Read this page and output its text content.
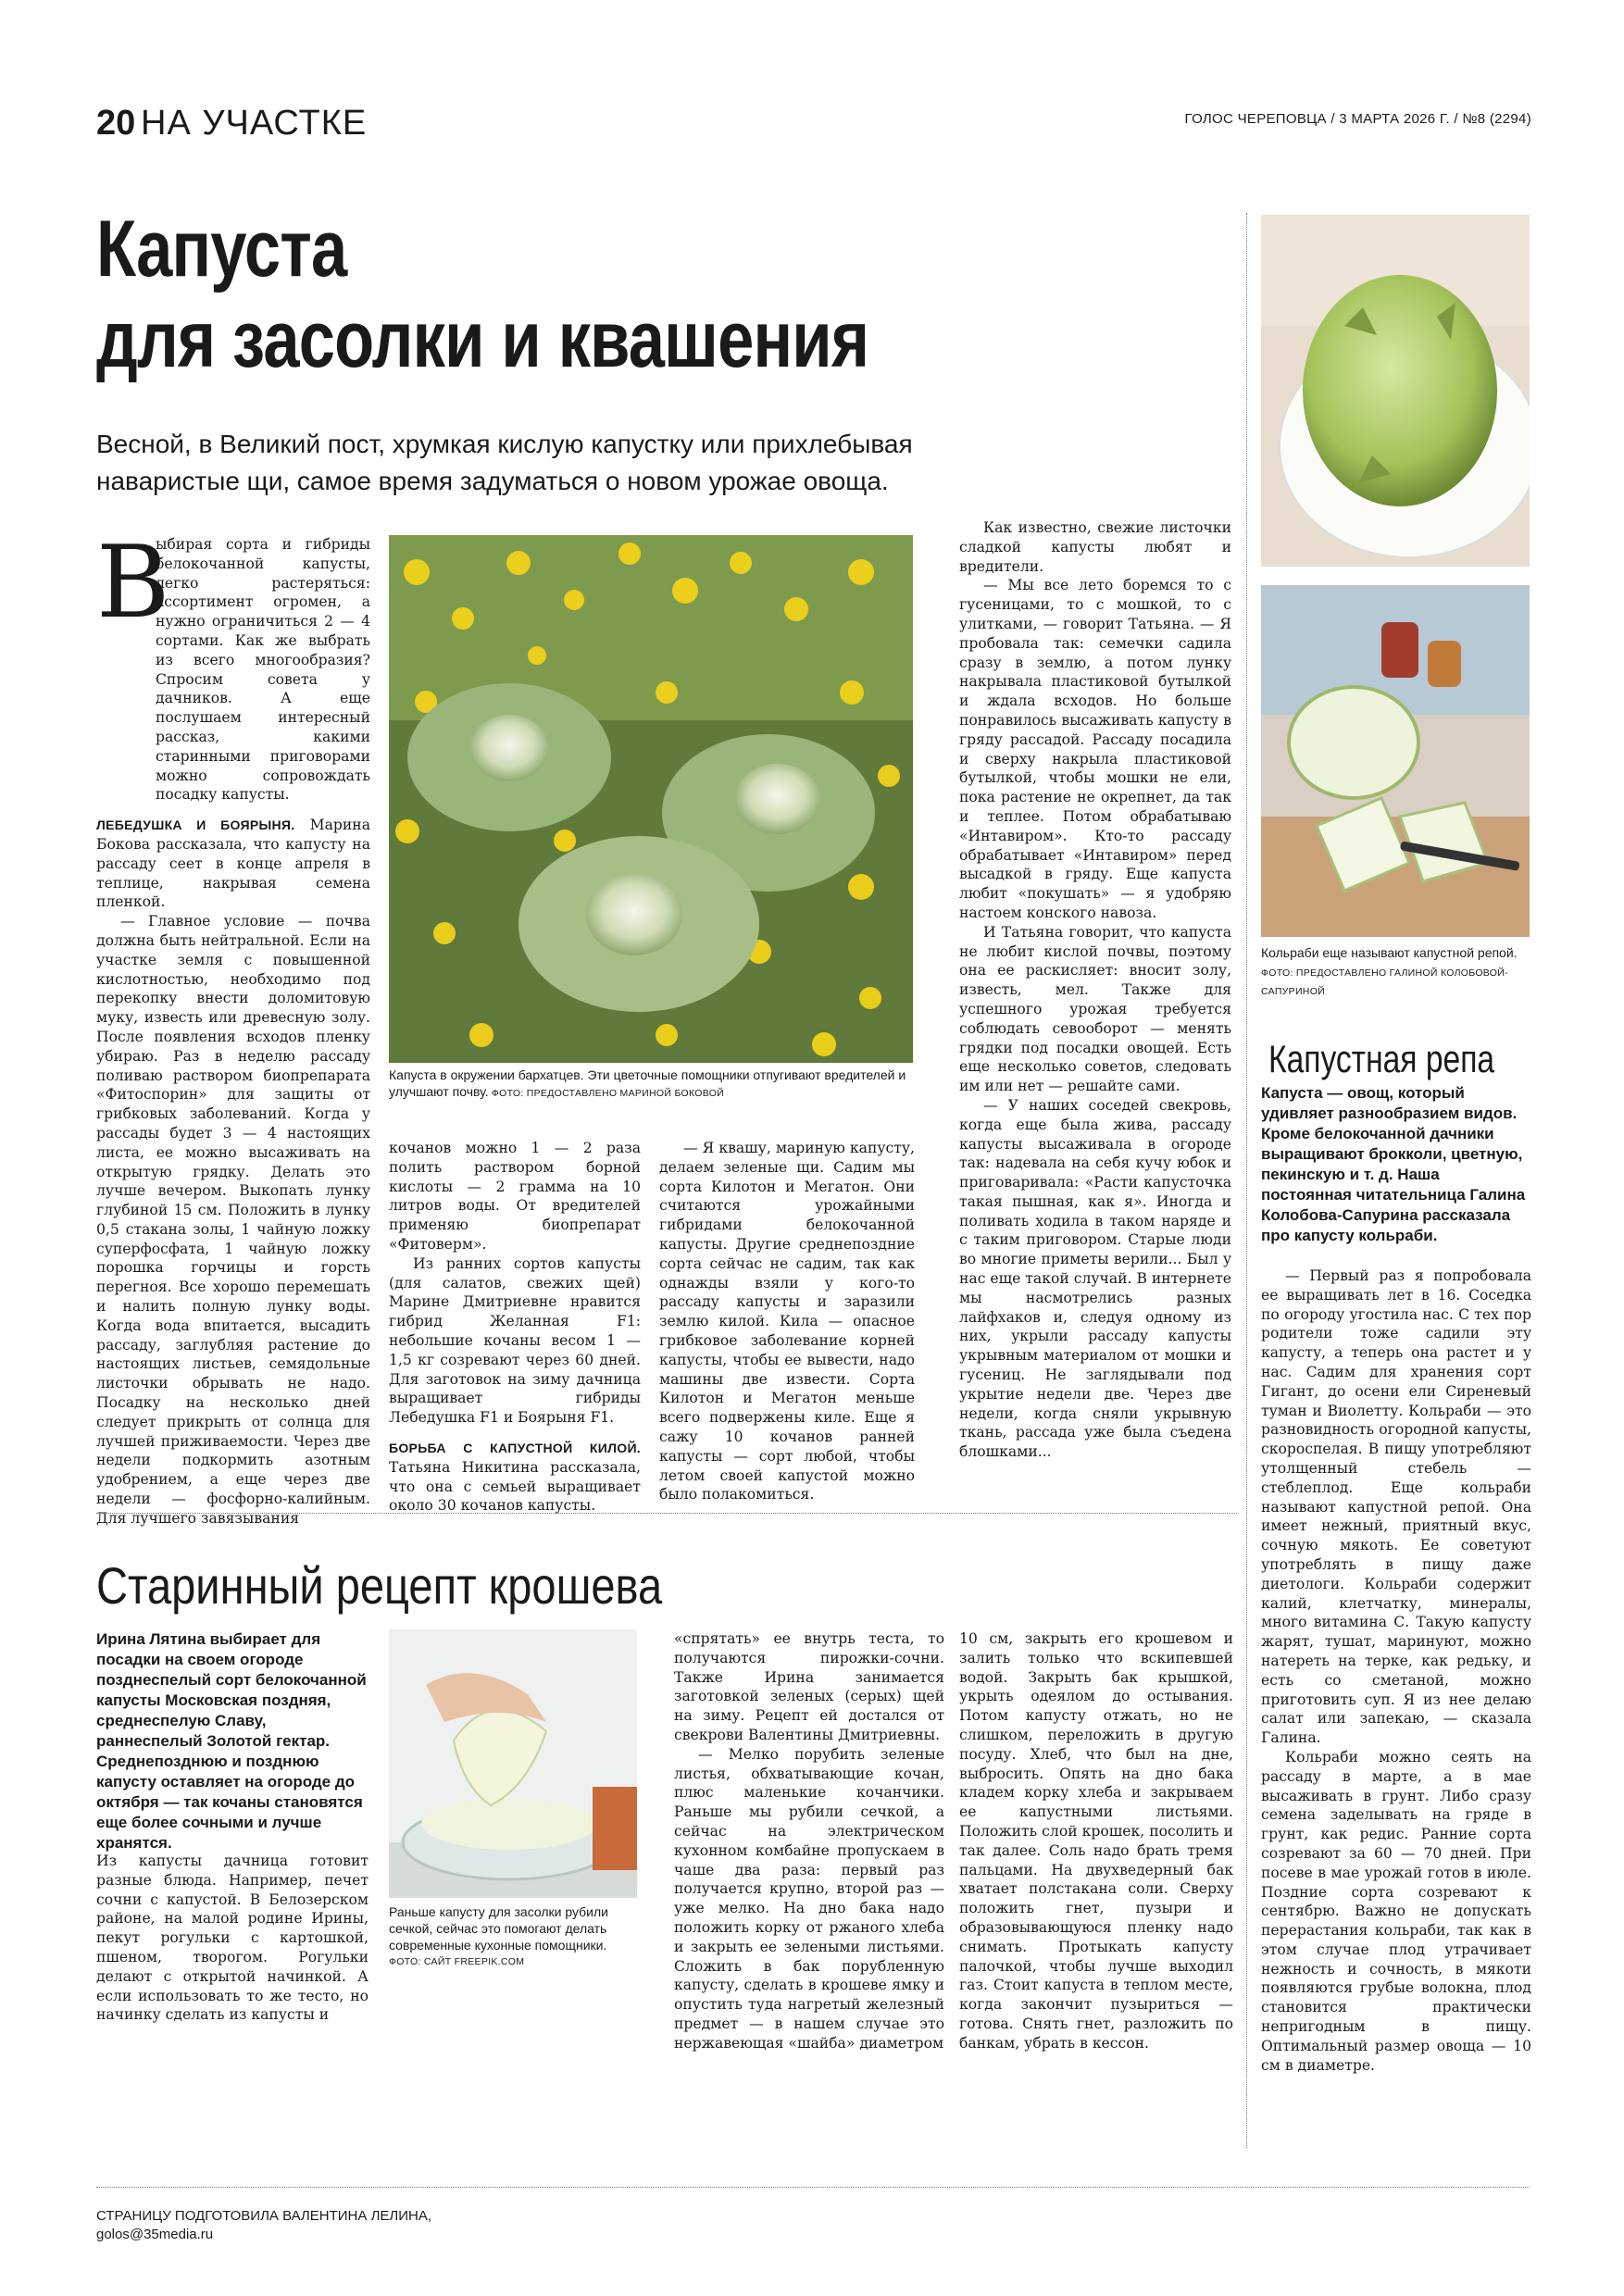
20 НА УЧАСТКЕ	ГОЛОС ЧЕРЕПОВЦА / 3 МАРТА 2026 Г. / №8 (2294)
Капуста
для засолки и квашения
Весной, в Великий пост, хрумкая кислую капустку или прихлебывая
наваристые щи, самое время задуматься о новом урожае овоща.
В

ыбирая сорта и гибриды белокочанной капусты, легко растеряться: ассортимент огромен, а нужно ограничиться 2 — 4 сортами. Как же выбрать из всего многообразия? Спросим совета у дачников. А еще послушаем интересный рассказ, какими старинными приговорами можно сопровождать посадку капусты.

ЛЕБЕДУШКА И БОЯРЫНЯ. Марина Бокова рассказала, что капусту на рассаду сеет в конце апреля в теплице, накрывая семена пленкой.

— Главное условие — почва должна быть нейтральной. Если на участке земля с повышенной кислотностью, необходимо под перекопку внести доломитовую муку, известь или древесную золу. После появления всходов пленку убираю. Раз в неделю рассаду поливаю раствором биопрепарата «Фитоспорин» для защиты от грибковых заболеваний. Когда у рассады будет 3 — 4 настоящих листа, ее можно высаживать на открытую грядку. Делать это лучше вечером. Выкопать лунку глубиной 15 см. Положить в лунку 0,5 стакана золы, 1 чайную ложку суперфосфата, 1 чайную ложку порошка горчицы и горсть перегноя. Все хорошо перемешать и налить полную лунку воды. Когда вода впитается, высадить рассаду, заглубляя растение до настоящих листьев, семядольные листочки обрывать не надо. Посадку на несколько дней следует прикрыть от солнца для лучшей приживаемости. Через две недели подкормить азотным удобрением, а еще через две недели — фосфорно-калийным. Для лучшего завязывания

Капуста в окружении бархатцев. Эти цветочные помощники отпугивают вредителей и улучшают почву. ФОТО: ПРЕДОСТАВЛЕНО МАРИНОЙ БОКОВОЙ

кочанов можно 1 — 2 раза полить раствором борной кислоты — 2 грамма на 10 литров воды. От вредителей применяю биопрепарат «Фитоверм».

Из ранних сортов капусты (для салатов, свежих щей) Марине Дмитриевне нравится гибрид Желанная F1: небольшие кочаны весом 1 — 1,5 кг созревают через 60 дней. Для заготовок на зиму дачница выращивает гибриды Лебедушка F1 и Боярыня F1.

БОРЬБА С КАПУСТНОЙ КИЛОЙ. Татьяна Никитина рассказала, что она с семьей выращивает около 30 кочанов капусты.

— Я квашу, мариную капусту, делаем зеленые щи. Садим мы сорта Килотон и Мегатон. Они считаются урожайными гибридами белокочанной капусты. Другие среднепоздние сорта сейчас не садим, так как однажды взяли у кого-то рассаду капусты и заразили землю килой. Кила — опасное грибковое заболевание корней капусты, чтобы ее вывести, надо машины две извести. Сорта Килотон и Мегатон меньше всего подвержены киле. Еще я сажу 10 кочанов ранней капусты — сорт любой, чтобы летом своей капустой можно было полакомиться.

Как известно, свежие листочки сладкой капусты любят и вредители.

— Мы все лето боремся то с гусеницами, то с мошкой, то с улитками, — говорит Татьяна. — Я пробовала так: семечки садила сразу в землю, а потом лунку накрывала пластиковой бутылкой и ждала всходов. Но больше понравилось высаживать капусту в гряду рассадой. Рассаду посадила и сверху накрыла пластиковой бутылкой, чтобы мошки не ели, пока растение не окрепнет, да так и теплее. Потом обрабатываю «Интавиром». Кто-то рассаду обрабатывает «Интавиром» перед высадкой в гряду. Еще капуста любит «покушать» — я удобряю настоем конского навоза.

И Татьяна говорит, что капуста не любит кислой почвы, поэтому она ее раскисляет: вносит золу, известь, мел. Также для успешного урожая требуется соблюдать севооборот — менять грядки под посадки овощей. Есть еще несколько советов, следовать им или нет — решайте сами.

— У наших соседей свекровь, когда еще была жива, рассаду капусты высаживала в огороде так: надевала на себя кучу юбок и приговаривала: «Расти капусточка такая пышная, как я». Иногда и поливать ходила в таком наряде и с таким приговором. Старые люди во многие приметы верили... Был у нас еще такой случай. В интернете мы насмотрелись разных лайфхаков и, следуя одному из них, укрыли рассаду капусты укрывным материалом от мошки и гусениц. Не заглядывали под укрытие недели две. Через две недели, когда сняли укрывную ткань, рассада уже была съедена блошками...

Кольраби еще называют капустной репой. ФОТО: ПРЕДОСТАВЛЕНО ГАЛИНОЙ КОЛОБОВОЙ-САПУРИНОЙ
Капустная репа
Капуста — овощ, который удивляет разнообразием видов. Кроме белокочанной дачники выращивают брокколи, цветную, пекинскую и т. д. Наша постоянная читательница Галина Колобова-Сапурина рассказала про капусту кольраби.

— Первый раз я попробовала ее выращивать лет в 16. Соседка по огороду угостила нас. С тех пор родители тоже садили эту капусту, а теперь она растет и у нас. Садим для хранения сорт Гигант, до осени ели Сиреневый туман и Виолетту. Кольраби — это разновидность огородной капусты, скороспелая. В пищу употребляют утолщенный стебель — стеблеплод. Еще кольраби называют капустной репой. Она имеет нежный, приятный вкус, сочную мякоть. Ее советуют употреблять в пищу даже диетологи. Кольраби содержит калий, клетчатку, минералы, много витамина С. Такую капусту жарят, тушат, маринуют, можно натереть на терке, как редьку, и есть со сметаной, можно приготовить суп. Я из нее делаю салат или запекаю, — сказала Галина.

Кольраби можно сеять на рассаду в марте, а в мае высаживать в грунт. Либо сразу семена заделывать на гряде в грунт, как редис. Ранние сорта созревают за 60 — 70 дней. При посеве в мае урожай готов в июле. Поздние сорта созревают к сентябрю. Важно не допускать перерастания кольраби, так как в этом случае плод утрачивает нежность и сочность, в мякоти появляются грубые волокна, плод становится практически непригодным в пищу. Оптимальный размер овоща — 10 см в диаметре.

Старинный рецепт крошева
Ирина Лятина выбирает для посадки на своем огороде позднеспелый сорт белокочанной капусты Московская поздняя, среднеспелую Славу, раннеспелый Золотой гектар. Среднепозднюю и позднюю капусту оставляет на огороде до октября — так кочаны становятся еще более сочными и лучше хранятся.

Из капусты дачница готовит разные блюда. Например, печет сочни с капустой. В Белозерском районе, на малой родине Ирины, пекут рогульки с картошкой, пшеном, творогом. Рогульки делают с открытой начинкой. А если использовать то же тесто, но начинку сделать из капусты и

Раньше капусту для засолки рубили сечкой, сейчас это помогают делать современные кухонные помощники.
ФОТО: САЙТ FREEPIK.COM

«спрятать» ее внутрь теста, то получаются пирожки-сочни. Также Ирина занимается заготовкой зеленых (серых) щей на зиму. Рецепт ей достался от свекрови Валентины Дмитриевны.

— Мелко порубить зеленые листья, обхватывающие кочан, плюс маленькие кочанчики. Раньше мы рубили сечкой, а сейчас на электрическом кухонном комбайне пропускаем в чаше два раза: первый раз получается крупно, второй раз — уже мелко. На дно бака надо положить корку от ржаного хлеба и закрыть ее зелеными листьями. Сложить в бак порубленную капусту, сделать в крошеве ямку и опустить туда нагретый железный предмет — в нашем случае это нержавеющая «шайба» диаметром

10 см, закрыть его крошевом и залить только что вскипевшей водой. Закрыть бак крышкой, укрыть одеялом до остывания. Потом капусту отжать, но не слишком, переложить в другую посуду. Хлеб, что был на дне, выбросить. Опять на дно бака кладем корку хлеба и закрываем ее капустными листьями. Положить слой крошек, посолить и так далее. Соль надо брать тремя пальцами. На двухведерный бак хватает полстакана соли. Сверху положить гнет, пузыри и образовывающуюся пленку надо снимать. Протыкать капусту палочкой, чтобы лучше выходил газ. Стоит капуста в теплом месте, когда закончит пузыриться — готова. Снять гнет, разложить по банкам, убрать в кессон.

СТРАНИЦУ ПОДГОТОВИЛА ВАЛЕНТИНА ЛЕЛИНА,
golos@35media.ru
